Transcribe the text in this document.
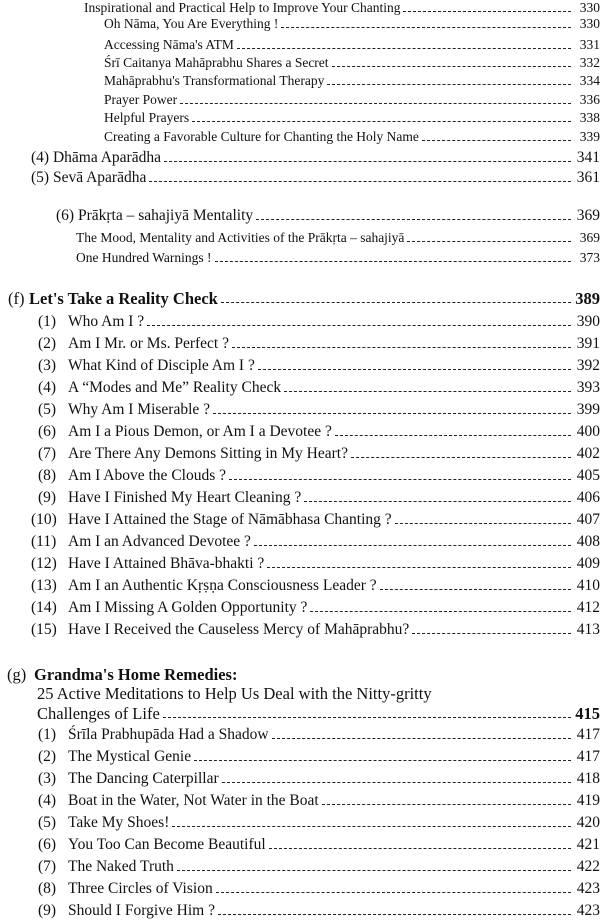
Inspirational and Practical Help to Improve Your Chanting	330
Oh Nāma, You Are Everything !	330
Accessing Nāma's ATM	331
Śrī Caitanya Mahāprabhu Shares a Secret	332
Mahāprabhu's Transformational Therapy	334
Prayer Power	336
Helpful Prayers	338
Creating a Favorable Culture for Chanting the Holy Name	339
(4) Dhāma Aparādha	341
(5) Sevā Aparādha	361
(6) Prākṛta – sahajiyā Mentality	369
The Mood, Mentality and Activities of the Prākṛta – sahajiyā	369
One Hundred Warnings !	373
(f) Let's Take a Reality Check	389
(1) Who Am I ?	390
(2) Am I Mr. or Ms. Perfect ?	391
(3) What Kind of Disciple Am I ?	392
(4) A “Modes and Me” Reality Check	393
(5) Why Am I Miserable ?	399
(6) Am I a Pious Demon, or Am I a Devotee ?	400
(7) Are There Any Demons Sitting in My Heart?	402
(8) Am I Above the Clouds ?	405
(9) Have I Finished My Heart Cleaning ?	406
(10) Have I Attained the Stage of Nāmābhasa Chanting ?	407
(11) Am I an Advanced Devotee ?	408
(12) Have I Attained Bhāva-bhakti ?	409
(13) Am I an Authentic Kṛṣṇa Consciousness Leader ?	410
(14) Am I Missing A Golden Opportunity ?	412
(15) Have I Received the Causeless Mercy of Mahāprabhu?	413
(g) Grandma's Home Remedies:
25 Active Meditations to Help Us Deal with the Nitty-gritty
Challenges of Life	415
(1) Śrīla Prabhupāda Had a Shadow	417
(2) The Mystical Genie	417
(3) The Dancing Caterpillar	418
(4) Boat in the Water, Not Water in the Boat	419
(5) Take My Shoes!	420
(6) You Too Can Become Beautiful	421
(7) The Naked Truth	422
(8) Three Circles of Vision	423
(9) Should I Forgive Him ?	423
